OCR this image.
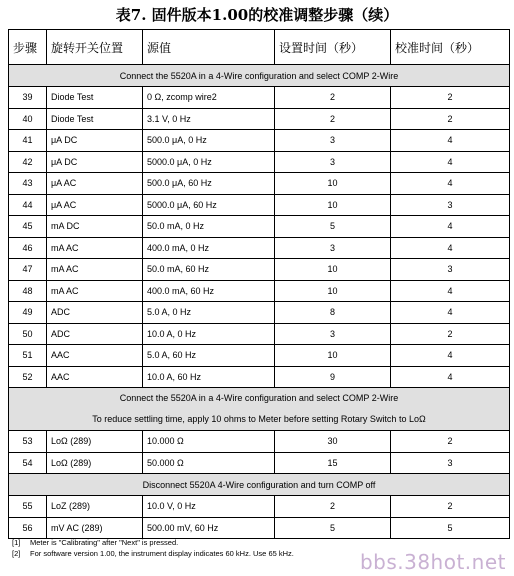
表7. 固件版本1.00的校准调整步骤（续）
步骤	旋转开关位置	源值	设置时间（秒）	校准时间（秒）

Connect the 5520A in a 4-Wire configuration and select COMP 2-Wire				

39	Diode Test	0 Ω, zcomp wire2	2	2
40	Diode Test	3.1 V, 0 Hz	2	2
41	μA DC	500.0 μA, 0 Hz	3	4
42	μA DC	5000.0 μA, 0 Hz	3	4
43	μA AC	500.0 μA, 60 Hz	10	4
44	μA AC	5000.0 μA, 60 Hz	10	3
45	mA DC	50.0 mA, 0 Hz	5	4
46	mA AC	400.0 mA, 0 Hz	3	4
47	mA AC	50.0 mA, 60 Hz	10	3
48	mA AC	400.0 mA, 60 Hz	10	4
49	ADC	5.0 A, 0 Hz	8	4
50	ADC	10.0 A, 0 Hz	3	2
51	AAC	5.0 A, 60 Hz	10	4
52	AAC	10.0 A, 60 Hz	9	4

Connect the 5520A in a 4-Wire configuration and select COMP 2-Wire
To reduce settling time, apply 10 ohms to Meter before setting Rotary Switch to LoΩ				

53	LoΩ (289)	10.000 Ω	30	2
54	LoΩ (289)	50.000 Ω	15	3

Disconnect 5520A 4-Wire configuration and turn COMP off				

55	LoZ (289)	10.0 V, 0 Hz	2	2
56	mV AC (289)	500.00 mV, 60 Hz	5	5
[1] Meter is "Calibrating" after "Next" is pressed.
[2] For software version 1.00, the instrument display indicates 60 kHz. Use 65 kHz.	bbs.38hot.net
